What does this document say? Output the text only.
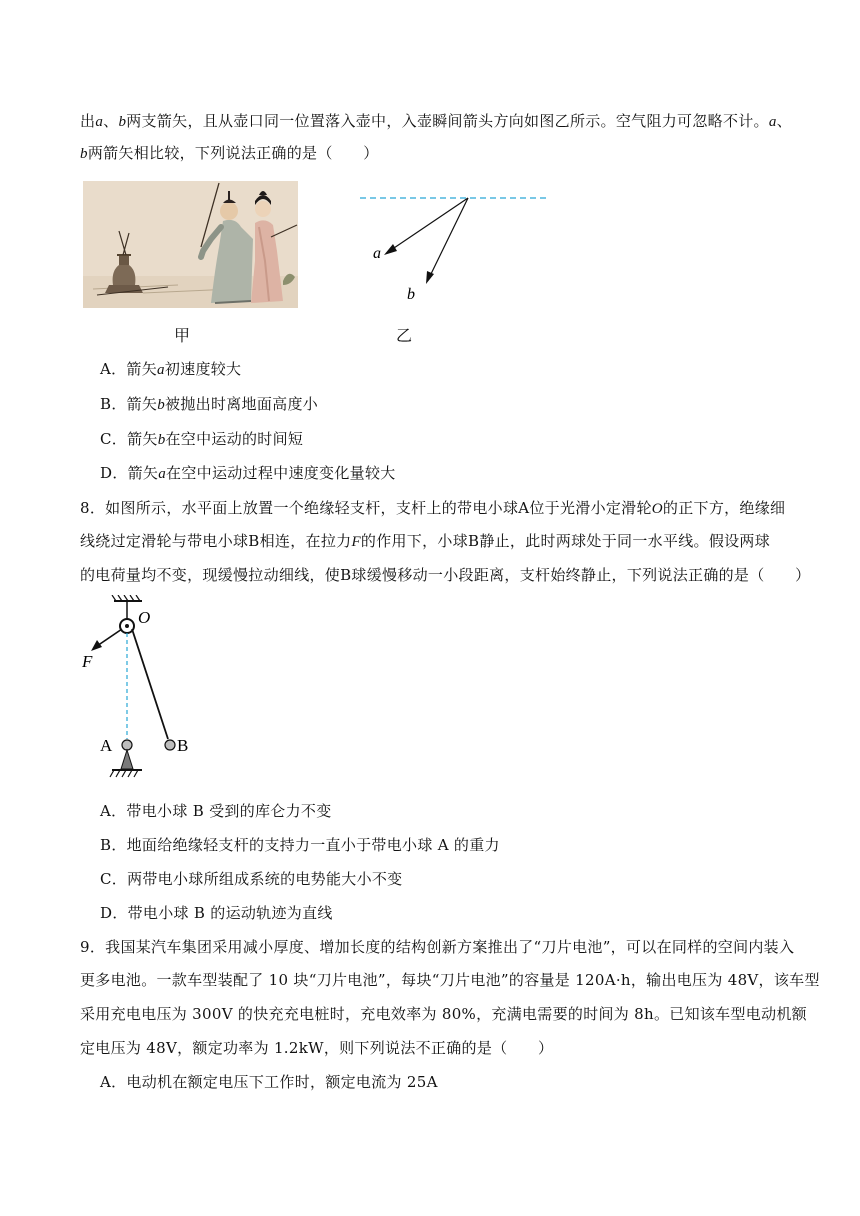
出a、b两支箭矢，且从壶口同一位置落入壶中，入壶瞬间箭头方向如图乙所示。空气阻力可忽略不计。a、
b两箭矢相比较，下列说法正确的是（　　）
甲
a
b
乙
A．箭矢a初速度较大
B．箭矢b被抛出时离地面高度小
C．箭矢b在空中运动的时间短
D．箭矢a在空中运动过程中速度变化量较大
8．如图所示，水平面上放置一个绝缘轻支杆，支杆上的带电小球A位于光滑小定滑轮O的正下方，绝缘细
线绕过定滑轮与带电小球B相连，在拉力F的作用下，小球B静止，此时两球处于同一水平线。假设两球
的电荷量均不变，现缓慢拉动细线，使B球缓慢移动一小段距离，支杆始终静止，下列说法正确的是（　　）
O
F
A	B
A．带电小球 B 受到的库仑力不变
B．地面给绝缘轻支杆的支持力一直小于带电小球 A 的重力
C．两带电小球所组成系统的电势能大小不变
D．带电小球 B 的运动轨迹为直线
9．我国某汽车集团采用减小厚度、增加长度的结构创新方案推出了“刀片电池”，可以在同样的空间内装入
更多电池。一款车型装配了 10 块“刀片电池”，每块“刀片电池”的容量是 120A·h，输出电压为 48V，该车型
采用充电电压为 300V 的快充充电桩时，充电效率为 80%，充满电需要的时间为 8h。已知该车型电动机额
定电压为 48V，额定功率为 1.2kW，则下列说法不正确的是（　　）
A．电动机在额定电压下工作时，额定电流为 25A
